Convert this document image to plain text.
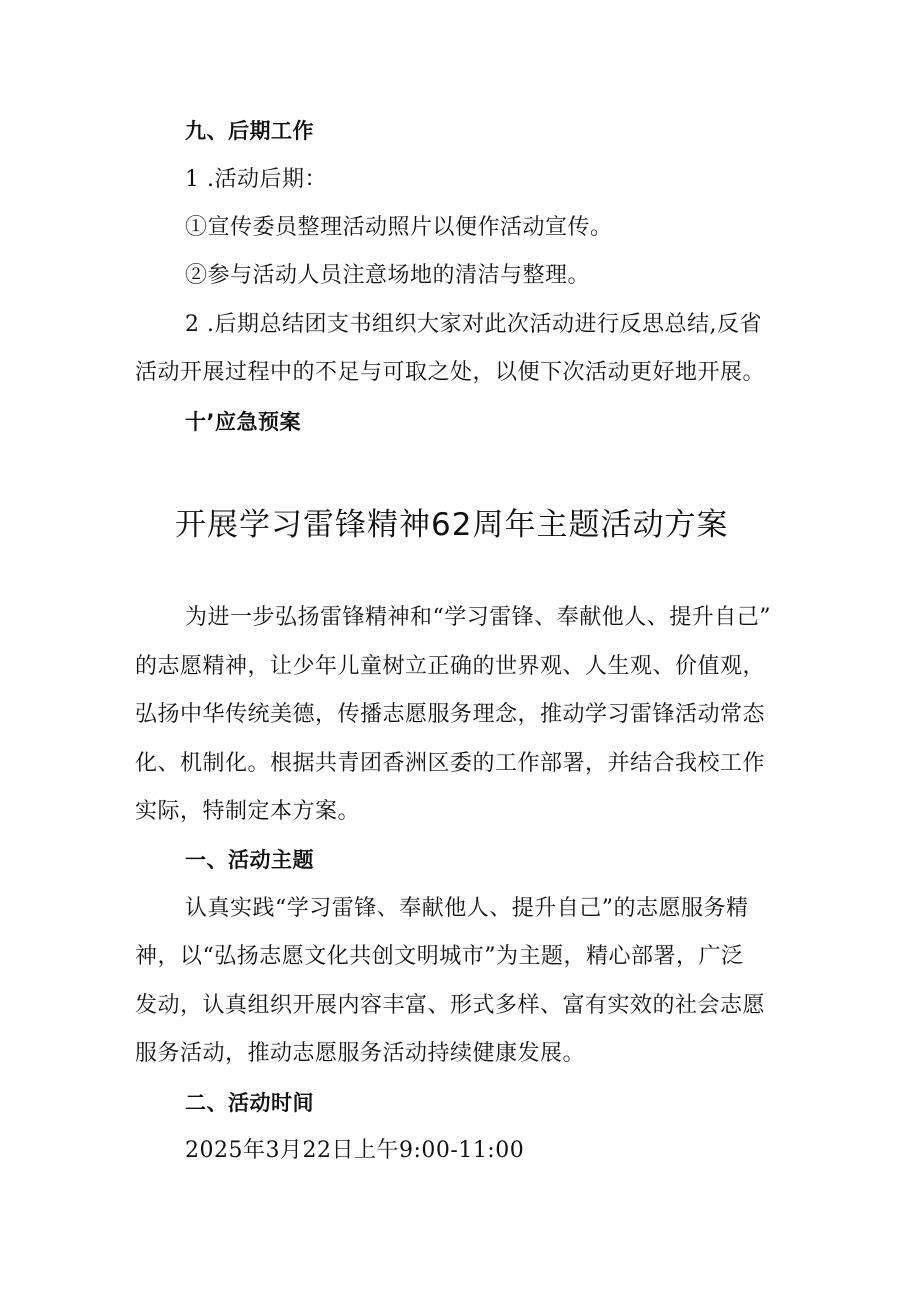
九、后期工作
1 .活动后期：
①宣传委员整理活动照片以便作活动宣传。
②参与活动人员注意场地的清洁与整理。
2 .后期总结团支书组织大家对此次活动进行反思总结,反省
活动开展过程中的不足与可取之处，以便下次活动更好地开展。
十’应急预案
开展学习雷锋精神62周年主题活动方案
为进一步弘扬雷锋精神和“学习雷锋、奉献他人、提升自己”
的志愿精神，让少年儿童树立正确的世界观、人生观、价值观，
弘扬中华传统美德，传播志愿服务理念，推动学习雷锋活动常态
化、机制化。根据共青团香洲区委的工作部署，并结合我校工作
实际，特制定本方案。
一、活动主题
认真实践“学习雷锋、奉献他人、提升自己”的志愿服务精
神，以“弘扬志愿文化共创文明城市”为主题，精心部署，广泛
发动，认真组织开展内容丰富、形式多样、富有实效的社会志愿
服务活动，推动志愿服务活动持续健康发展。
二、活动时间
2025年3月22日上午9:00-11:00
